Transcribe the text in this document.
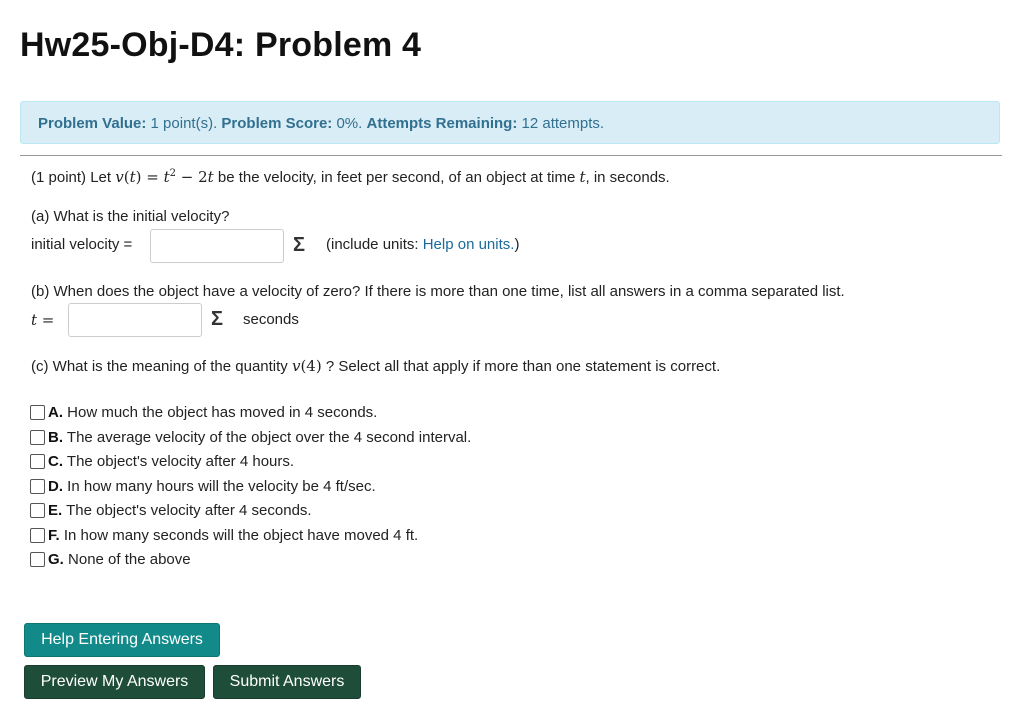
Hw25-Obj-D4: Problem 4
Problem Value: 1 point(s). Problem Score: 0%. Attempts Remaining: 12 attempts.
(1 point) Let $v(t) = t^2 - 2t$ be the velocity, in feet per second, of an object at time t, in seconds.
(a) What is the initial velocity?
initial velocity =	Σ	(include units: Help on units.)
(b) When does the object have a velocity of zero? If there is more than one time, list all answers in a comma separated list.
t =	Σ	seconds
(c) What is the meaning of the quantity v(4) ? Select all that apply if more than one statement is correct.
A. How much the object has moved in 4 seconds.
B. The average velocity of the object over the 4 second interval.
C. The object's velocity after 4 hours.
D. In how many hours will the velocity be 4 ft/sec.
E. The object's velocity after 4 seconds.
F. In how many seconds will the object have moved 4 ft.
G. None of the above
Help Entering Answers
Preview My Answers	Submit Answers
